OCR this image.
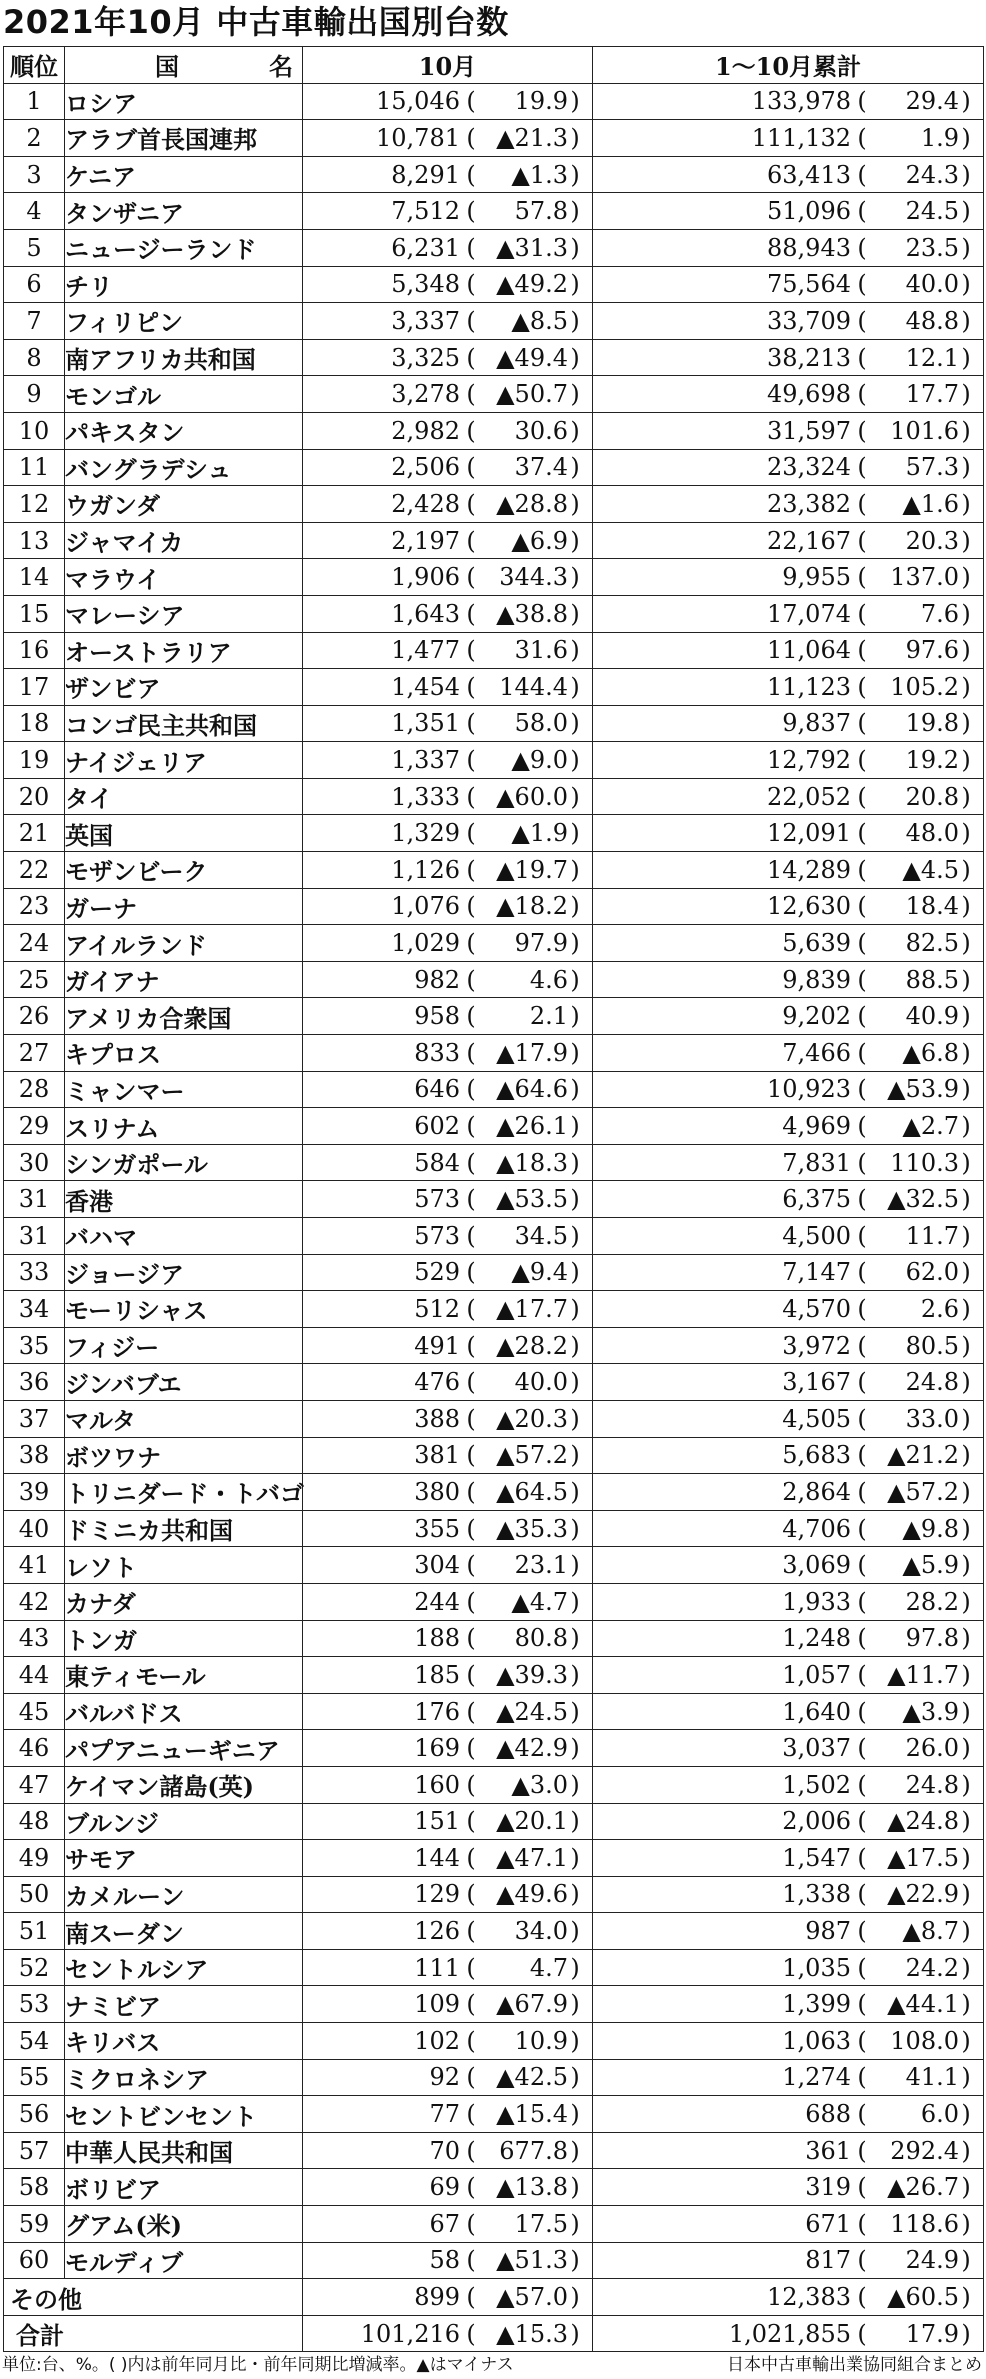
2021年10月 中古車輸出国別台数
順位	国名	10月	1～10月累計
1	ロシア	15,046 ( 19.9 )	133,978 ( 29.4 )

2	アラブ首長国連邦	10,781 ( ▲21.3 )	111,132 ( 1.9 )

3	ケニア	8,291 ( ▲1.3 )	63,413 ( 24.3 )

4	タンザニア	7,512 ( 57.8 )	51,096 ( 24.5 )

5	ニュージーランド	6,231 ( ▲31.3 )	88,943 ( 23.5 )

6	チリ	5,348 ( ▲49.2 )	75,564 ( 40.0 )

7	フィリピン	3,337 ( ▲8.5 )	33,709 ( 48.8 )

8	南アフリカ共和国	3,325 ( ▲49.4 )	38,213 ( 12.1 )

9	モンゴル	3,278 ( ▲50.7 )	49,698 ( 17.7 )

10	パキスタン	2,982 ( 30.6 )	31,597 ( 101.6 )

11	バングラデシュ	2,506 ( 37.4 )	23,324 ( 57.3 )

12	ウガンダ	2,428 ( ▲28.8 )	23,382 ( ▲1.6 )

13	ジャマイカ	2,197 ( ▲6.9 )	22,167 ( 20.3 )

14	マラウイ	1,906 ( 344.3 )	9,955 ( 137.0 )

15	マレーシア	1,643 ( ▲38.8 )	17,074 ( 7.6 )

16	オーストラリア	1,477 ( 31.6 )	11,064 ( 97.6 )

17	ザンビア	1,454 ( 144.4 )	11,123 ( 105.2 )

18	コンゴ民主共和国	1,351 ( 58.0 )	9,837 ( 19.8 )

19	ナイジェリア	1,337 ( ▲9.0 )	12,792 ( 19.2 )

20	タイ	1,333 ( ▲60.0 )	22,052 ( 20.8 )

21	英国	1,329 ( ▲1.9 )	12,091 ( 48.0 )

22	モザンビーク	1,126 ( ▲19.7 )	14,289 ( ▲4.5 )

23	ガーナ	1,076 ( ▲18.2 )	12,630 ( 18.4 )

24	アイルランド	1,029 ( 97.9 )	5,639 ( 82.5 )

25	ガイアナ	982 ( 4.6 )	9,839 ( 88.5 )

26	アメリカ合衆国	958 ( 2.1 )	9,202 ( 40.9 )

27	キプロス	833 ( ▲17.9 )	7,466 ( ▲6.8 )

28	ミャンマー	646 ( ▲64.6 )	10,923 ( ▲53.9 )

29	スリナム	602 ( ▲26.1 )	4,969 ( ▲2.7 )

30	シンガポール	584 ( ▲18.3 )	7,831 ( 110.3 )

31	香港	573 ( ▲53.5 )	6,375 ( ▲32.5 )

31	バハマ	573 ( 34.5 )	4,500 ( 11.7 )

33	ジョージア	529 ( ▲9.4 )	7,147 ( 62.0 )

34	モーリシャス	512 ( ▲17.7 )	4,570 ( 2.6 )

35	フィジー	491 ( ▲28.2 )	3,972 ( 80.5 )

36	ジンバブエ	476 ( 40.0 )	3,167 ( 24.8 )

37	マルタ	388 ( ▲20.3 )	4,505 ( 33.0 )

38	ボツワナ	381 ( ▲57.2 )	5,683 ( ▲21.2 )

39	トリニダード・トバゴ	380 ( ▲64.5 )	2,864 ( ▲57.2 )

40	ドミニカ共和国	355 ( ▲35.3 )	4,706 ( ▲9.8 )

41	レソト	304 ( 23.1 )	3,069 ( ▲5.9 )

42	カナダ	244 ( ▲4.7 )	1,933 ( 28.2 )

43	トンガ	188 ( 80.8 )	1,248 ( 97.8 )

44	東ティモール	185 ( ▲39.3 )	1,057 ( ▲11.7 )

45	バルバドス	176 ( ▲24.5 )	1,640 ( ▲3.9 )

46	パプアニューギニア	169 ( ▲42.9 )	3,037 ( 26.0 )

47	ケイマン諸島(英)	160 ( ▲3.0 )	1,502 ( 24.8 )

48	ブルンジ	151 ( ▲20.1 )	2,006 ( ▲24.8 )

49	サモア	144 ( ▲47.1 )	1,547 ( ▲17.5 )

50	カメルーン	129 ( ▲49.6 )	1,338 ( ▲22.9 )

51	南スーダン	126 ( 34.0 )	987 ( ▲8.7 )

52	セントルシア	111 ( 4.7 )	1,035 ( 24.2 )

53	ナミビア	109 ( ▲67.9 )	1,399 ( ▲44.1 )

54	キリバス	102 ( 10.9 )	1,063 ( 108.0 )

55	ミクロネシア	92 ( ▲42.5 )	1,274 ( 41.1 )

56	セントビンセント	77 ( ▲15.4 )	688 ( 6.0 )

57	中華人民共和国	70 ( 677.8 )	361 ( 292.4 )

58	ボリビア	69 ( ▲13.8 )	319 ( ▲26.7 )

59	グアム(米)	67 ( 17.5 )	671 ( 118.6 )

60	モルディブ	58 ( ▲51.3 )	817 ( 24.9 )

その他		899 ( ▲57.0 )	12,383 ( ▲60.5 )

合計		101,216 ( ▲15.3 )	1,021,855 ( 17.9 )
単位:台、%。( )内は前年同月比・前年同期比増減率。▲はマイナス	日本中古車輸出業協同組合まとめ
